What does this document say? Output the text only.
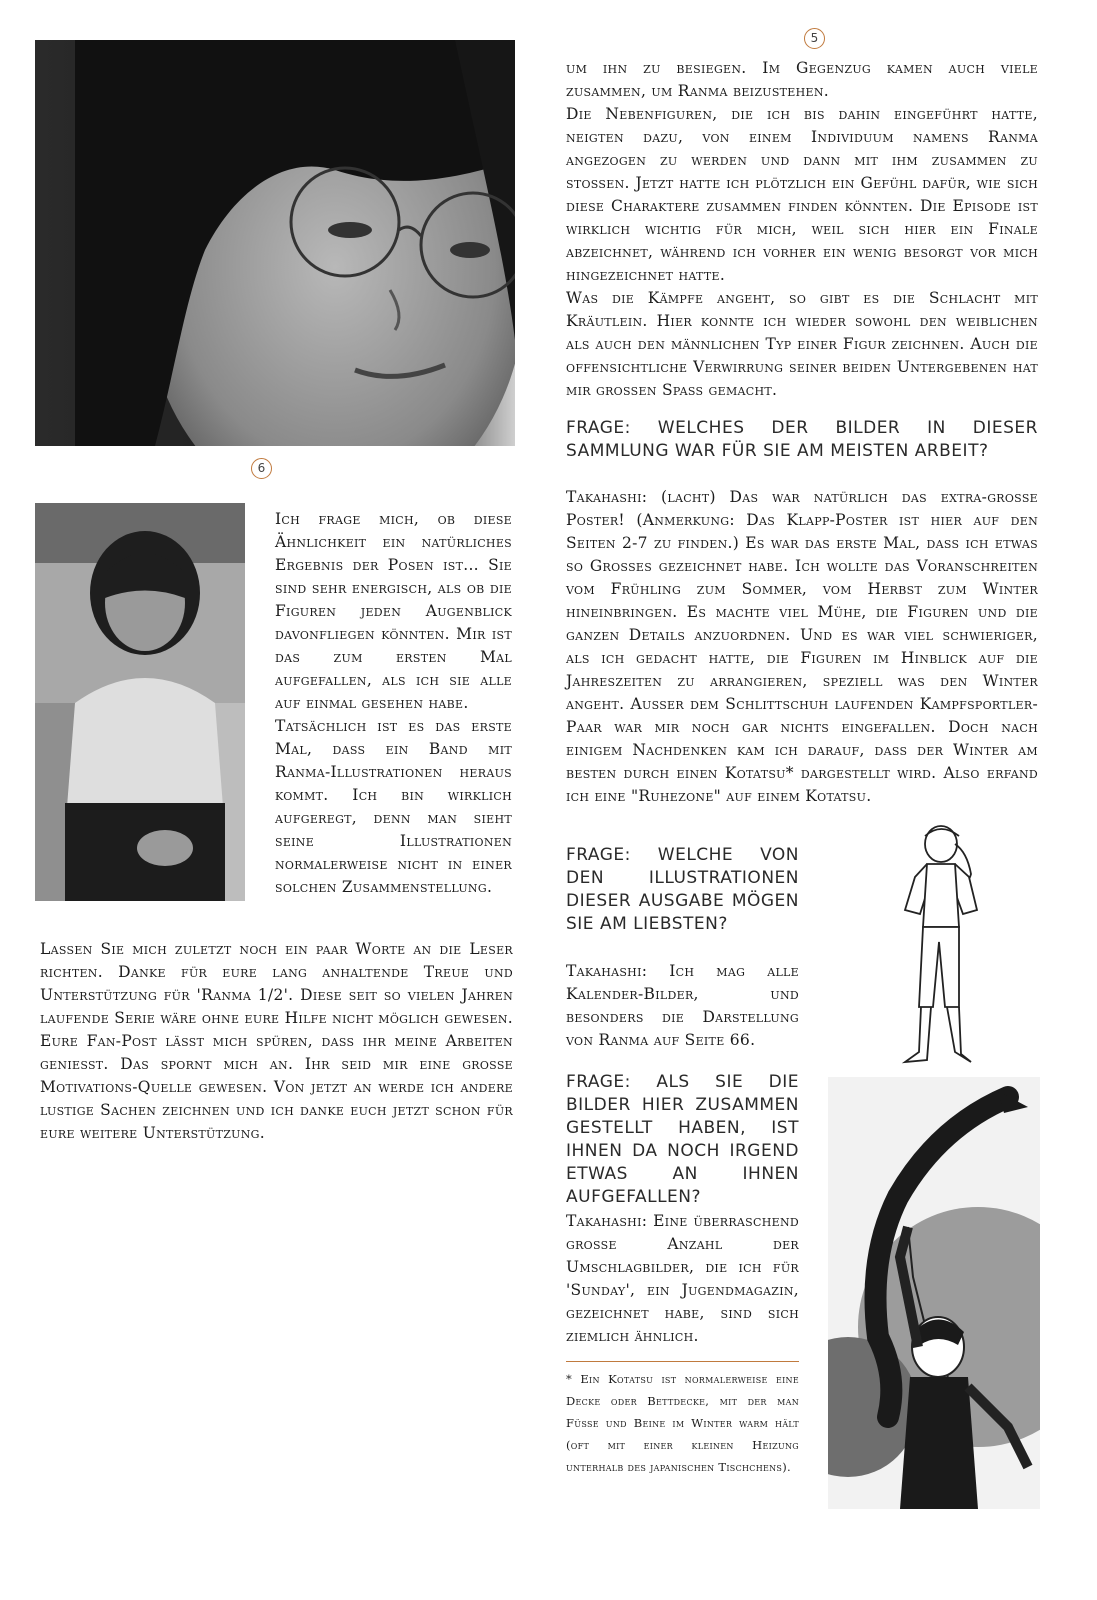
5
6

Ich frage mich, ob diese Ähnlichkeit ein natürliches Ergebnis der Posen ist... Sie sind sehr energisch, als ob die Figuren jeden Augenblick davonfliegen könnten. Mir ist das zum ersten Mal aufgefallen, als ich sie alle auf einmal gesehen habe.

Tatsächlich ist es das erste Mal, dass ein Band mit Ranma-Illustrationen heraus kommt. Ich bin wirklich aufgeregt, denn man sieht seine Illustrationen normalerweise nicht in einer solchen Zusammenstellung.

Lassen Sie mich zuletzt noch ein paar Worte an die Leser richten. Danke für eure lang anhaltende Treue und Unterstützung für 'Ranma 1/2'. Diese seit so vielen Jahren laufende Serie wäre ohne eure Hilfe nicht möglich gewesen. Eure Fan-Post lässt mich spüren, dass ihr meine Arbeiten geniesst. Das spornt mich an. Ihr seid mir eine grosse Motivations-Quelle gewesen. Von jetzt an werde ich andere lustige Sachen zeichnen und ich danke euch jetzt schon für eure weitere Unterstützung.

um ihn zu besiegen. Im Gegenzug kamen auch viele zusammen, um Ranma beizustehen.

Die Nebenfiguren, die ich bis dahin eingeführt hatte, neigten dazu, von einem Individuum namens Ranma angezogen zu werden und dann mit ihm zusammen zu stossen. Jetzt hatte ich plötzlich ein Gefühl dafür, wie sich diese Charaktere zusammen finden könnten. Die Episode ist wirklich wichtig für mich, weil sich hier ein Finale abzeichnet, während ich vorher ein wenig besorgt vor mich hingezeichnet hatte.

Was die Kämpfe angeht, so gibt es die Schlacht mit Kräutlein. Hier konnte ich wieder sowohl den weiblichen als auch den männlichen Typ einer Figur zeichnen. Auch die offensichtliche Verwirrung seiner beiden Untergebenen hat mir grossen Spass gemacht.

FRAGE: WELCHES DER BILDER IN DIESER SAMMLUNG WAR FÜR SIE AM MEISTEN ARBEIT?

Takahashi: (lacht) Das war natürlich das extra-grosse Poster! (Anmerkung: Das Klapp-Poster ist hier auf den Seiten 2-7 zu finden.) Es war das erste Mal, dass ich etwas so Grosses gezeichnet habe. Ich wollte das Voranschreiten vom Frühling zum Sommer, vom Herbst zum Winter hineinbringen. Es machte viel Mühe, die Figuren und die ganzen Details anzuordnen. Und es war viel schwieriger, als ich gedacht hatte, die Figuren im Hinblick auf die Jahreszeiten zu arrangieren, speziell was den Winter angeht. Ausser dem Schlittschuh laufenden Kampfsportler-Paar war mir noch gar nichts eingefallen. Doch nach einigem Nachdenken kam ich darauf, dass der Winter am besten durch einen Kotatsu* dargestellt wird. Also erfand ich eine "Ruhezone" auf einem Kotatsu.

FRAGE: WELCHE VON DEN ILLUSTRATIONEN DIESER AUSGABE MÖGEN SIE AM LIEBSTEN?

Takahashi: Ich mag alle Kalender-Bilder, und besonders die Darstellung von Ranma auf Seite 66.

FRAGE: ALS SIE DIE BILDER HIER ZUSAMMEN GESTELLT HABEN, IST IHNEN DA NOCH IRGEND ETWAS AN IHNEN AUFGEFALLEN?

Takahashi: Eine überraschend grosse Anzahl der Umschlagbilder, die ich für 'Sunday', ein Jugendmagazin, gezeichnet habe, sind sich ziemlich ähnlich.

* Ein Kotatsu ist normalerweise eine Decke oder Bettdecke, mit der man Füsse und Beine im Winter warm hält (oft mit einer kleinen Heizung unterhalb des japanischen Tischchens).
